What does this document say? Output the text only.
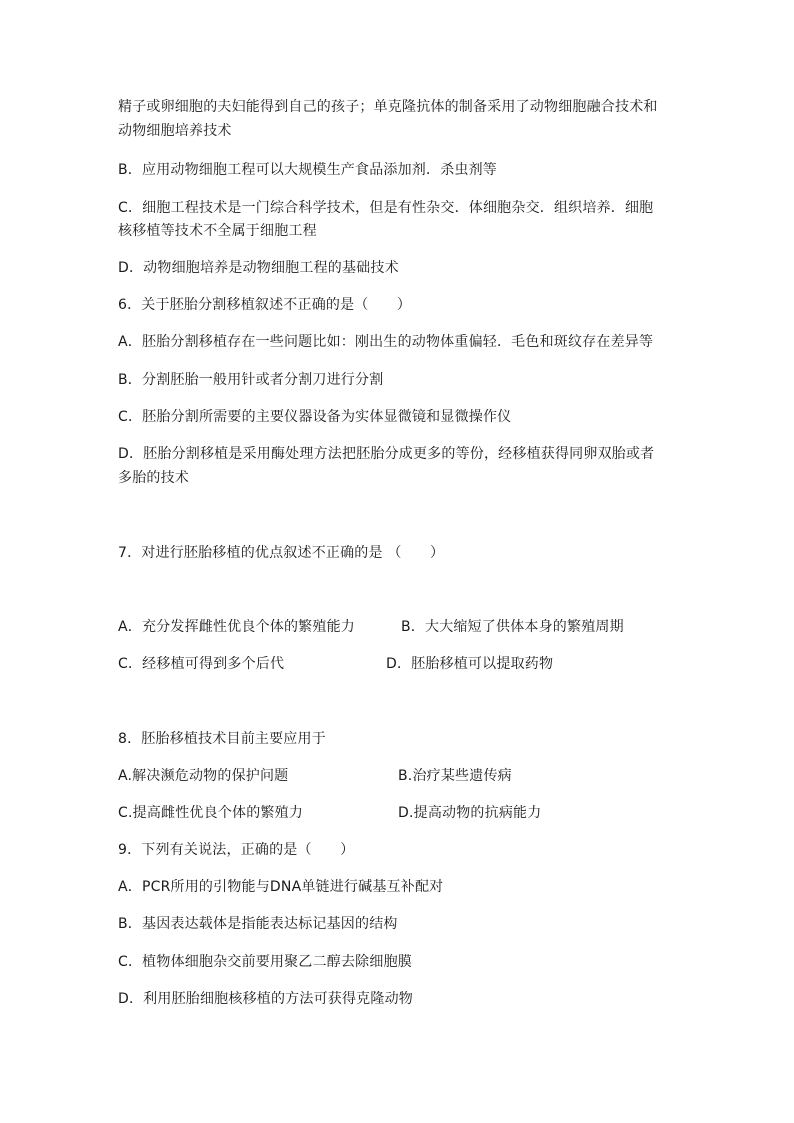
精子或卵细胞的夫妇能得到自己的孩子；单克隆抗体的制备采用了动物细胞融合技术和
动物细胞培养技术
B．应用动物细胞工程可以大规模生产食品添加剂．杀虫剂等
C．细胞工程技术是一门综合科学技术，但是有性杂交．体细胞杂交．组织培养．细胞
核移植等技术不全属于细胞工程
D．动物细胞培养是动物细胞工程的基础技术
6．关于胚胎分割移植叙述不正确的是（　　）
A．胚胎分割移植存在一些问题比如：刚出生的动物体重偏轻．毛色和斑纹存在差异等
B．分割胚胎一般用针或者分割刀进行分割
C．胚胎分割所需要的主要仪器设备为实体显微镜和显微操作仪
D．胚胎分割移植是采用酶处理方法把胚胎分成更多的等份，经移植获得同卵双胎或者
多胎的技术
7．对进行胚胎移植的优点叙述不正确的是 （　　）
A．充分发挥雌性优良个体的繁殖能力	B．大大缩短了供体本身的繁殖周期
C．经移植可得到多个后代	D．胚胎移植可以提取药物
8．胚胎移植技术目前主要应用于
A.解决濒危动物的保护问题	B.治疗某些遗传病
C.提高雌性优良个体的繁殖力	D.提高动物的抗病能力
9．下列有关说法，正确的是（　　）
A．PCR所用的引物能与DNA单链进行碱基互补配对
B．基因表达载体是指能表达标记基因的结构
C．植物体细胞杂交前要用聚乙二醇去除细胞膜
D．利用胚胎细胞核移植的方法可获得克隆动物
